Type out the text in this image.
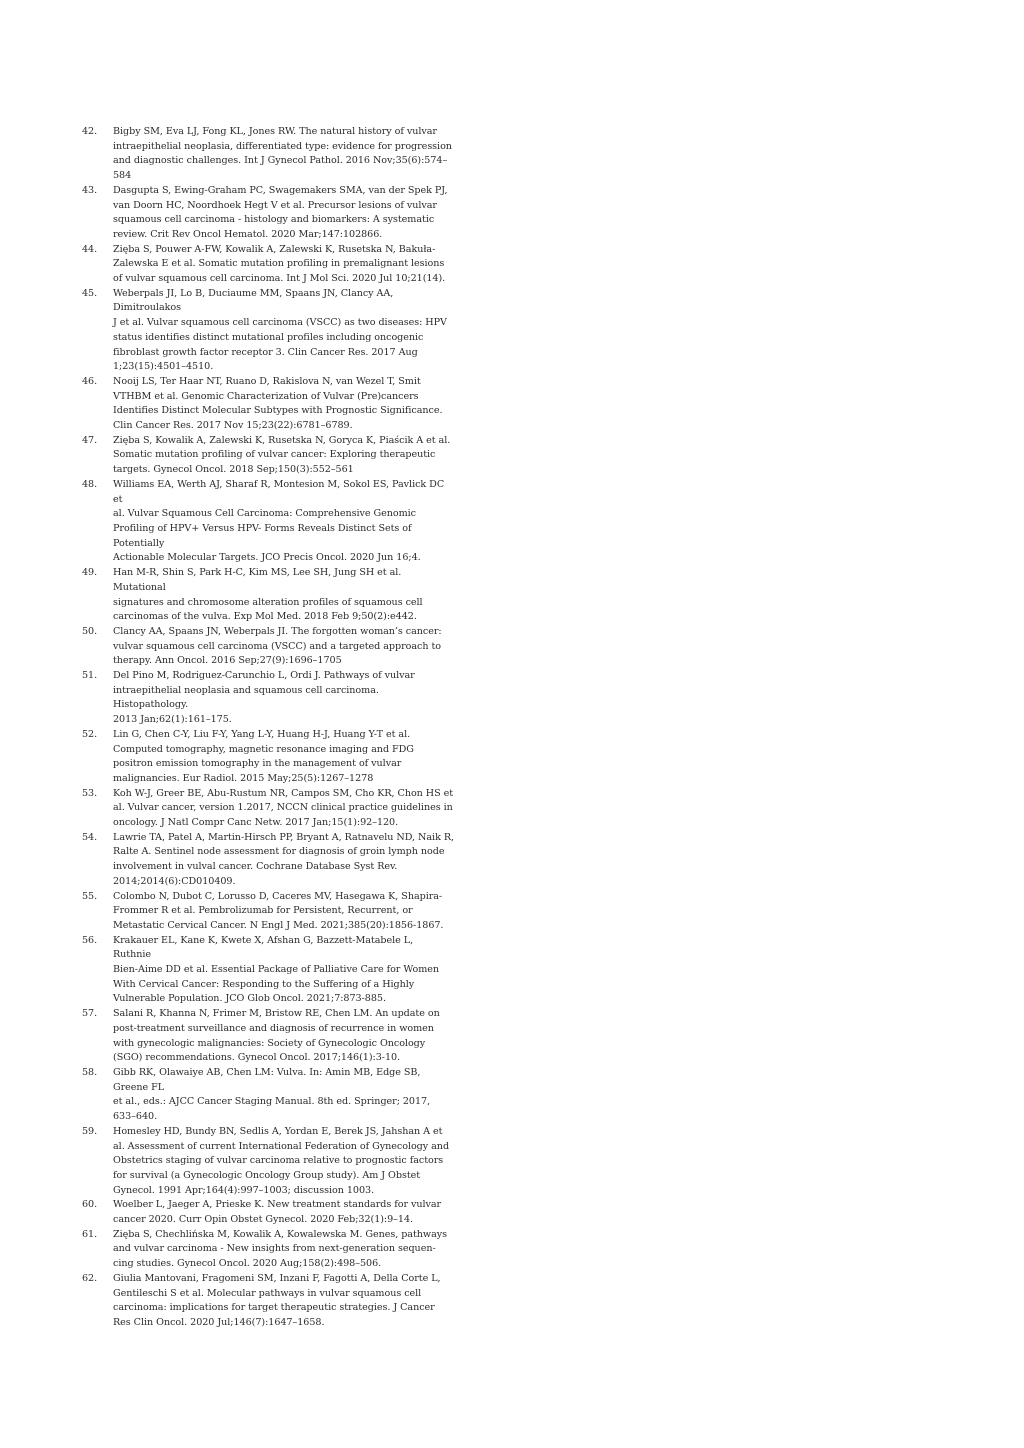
42.	Bigby SM, Eva LJ, Fong KL, Jones RW. The natural history of vulvar
intraepithelial neoplasia, differentiated type: evidence for progression
and diagnostic challenges. Int J Gynecol Pathol. 2016 Nov;35(6):574–584
43.	Dasgupta S, Ewing-Graham PC, Swagemakers SMA, van der Spek PJ,
van Doorn HC, Noordhoek Hegt V et al. Precursor lesions of vulvar
squamous cell carcinoma - histology and biomarkers: A systematic
review. Crit Rev Oncol Hematol. 2020 Mar;147:102866.
44.	Zięba S, Pouwer A-FW, Kowalik A, Zalewski K, Rusetska N, Bakuła-
Zalewska E et al. Somatic mutation profiling in premalignant lesions
of vulvar squamous cell carcinoma. Int J Mol Sci. 2020 Jul 10;21(14).
45.	Weberpals JI, Lo B, Duciaume MM, Spaans JN, Clancy AA, Dimitroulakos
J et al. Vulvar squamous cell carcinoma (VSCC) as two diseases: HPV
status identifies distinct mutational profiles including oncogenic
fibroblast growth factor receptor 3. Clin Cancer Res. 2017 Aug
1;23(15):4501–4510.
46.	Nooij LS, Ter Haar NT, Ruano D, Rakislova N, van Wezel T, Smit
VTHBM et al. Genomic Characterization of Vulvar (Pre)cancers
Identifies Distinct Molecular Subtypes with Prognostic Significance.
Clin Cancer Res. 2017 Nov 15;23(22):6781–6789.
47.	Zięba S, Kowalik A, Zalewski K, Rusetska N, Goryca K, Piaścik A et al.
Somatic mutation profiling of vulvar cancer: Exploring therapeutic
targets. Gynecol Oncol. 2018 Sep;150(3):552–561
48.	Williams EA, Werth AJ, Sharaf R, Montesion M, Sokol ES, Pavlick DC et
al. Vulvar Squamous Cell Carcinoma: Comprehensive Genomic
Profiling of HPV+ Versus HPV- Forms Reveals Distinct Sets of Potentially
Actionable Molecular Targets. JCO Precis Oncol. 2020 Jun 16;4.
49.	Han M-R, Shin S, Park H-C, Kim MS, Lee SH, Jung SH et al. Mutational
signatures and chromosome alteration profiles of squamous cell
carcinomas of the vulva. Exp Mol Med. 2018 Feb 9;50(2):e442.
50.	Clancy AA, Spaans JN, Weberpals JI. The forgotten woman’s cancer:
vulvar squamous cell carcinoma (VSCC) and a targeted approach to
therapy. Ann Oncol. 2016 Sep;27(9):1696–1705
51.	Del Pino M, Rodriguez-Carunchio L, Ordi J. Pathways of vulvar
intraepithelial neoplasia and squamous cell carcinoma. Histopathology.
2013 Jan;62(1):161–175.
52.	Lin G, Chen C-Y, Liu F-Y, Yang L-Y, Huang H-J, Huang Y-T et al.
Computed tomography, magnetic resonance imaging and FDG
positron emission tomography in the management of vulvar
malignancies. Eur Radiol. 2015 May;25(5):1267–1278
53.	Koh W-J, Greer BE, Abu-Rustum NR, Campos SM, Cho KR, Chon HS et
al. Vulvar cancer, version 1.2017, NCCN clinical practice guidelines in
oncology. J Natl Compr Canc Netw. 2017 Jan;15(1):92–120.
54.	Lawrie TA, Patel A, Martin-Hirsch PP, Bryant A, Ratnavelu ND, Naik R,
Ralte A. Sentinel node assessment for diagnosis of groin lymph node
involvement in vulval cancer. Cochrane Database Syst Rev.
2014;2014(6):CD010409.
55.	Colombo N, Dubot C, Lorusso D, Caceres MV, Hasegawa K, Shapira-
Frommer R et al. Pembrolizumab for Persistent, Recurrent, or
Metastatic Cervical Cancer. N Engl J Med. 2021;385(20):1856-1867.
56.	Krakauer EL, Kane K, Kwete X, Afshan G, Bazzett-Matabele L, Ruthnie
Bien-Aime DD et al. Essential Package of Palliative Care for Women
With Cervical Cancer: Responding to the Suffering of a Highly
Vulnerable Population. JCO Glob Oncol. 2021;7:873-885.
57.	Salani R, Khanna N, Frimer M, Bristow RE, Chen LM. An update on
post-treatment surveillance and diagnosis of recurrence in women
with gynecologic malignancies: Society of Gynecologic Oncology
(SGO) recommendations. Gynecol Oncol. 2017;146(1):3-10.
58.	Gibb RK, Olawaiye AB, Chen LM: Vulva. In: Amin MB, Edge SB, Greene FL
et al., eds.: AJCC Cancer Staging Manual. 8th ed. Springer; 2017, 633–640.
59.	Homesley HD, Bundy BN, Sedlis A, Yordan E, Berek JS, Jahshan A et
al. Assessment of current International Federation of Gynecology and
Obstetrics staging of vulvar carcinoma relative to prognostic factors
for survival (a Gynecologic Oncology Group study). Am J Obstet
Gynecol. 1991 Apr;164(4):997–1003; discussion 1003.
60.	Woelber L, Jaeger A, Prieske K. New treatment standards for vulvar
cancer 2020. Curr Opin Obstet Gynecol. 2020 Feb;32(1):9–14.
61.	Zięba S, Chechlińska M, Kowalik A, Kowalewska M. Genes, pathways
and vulvar carcinoma - New insights from next-generation sequen-
cing studies. Gynecol Oncol. 2020 Aug;158(2):498–506.
62.	Giulia Mantovani, Fragomeni SM, Inzani F, Fagotti A, Della Corte L,
Gentileschi S et al. Molecular pathways in vulvar squamous cell
carcinoma: implications for target therapeutic strategies. J Cancer
Res Clin Oncol. 2020 Jul;146(7):1647–1658.
